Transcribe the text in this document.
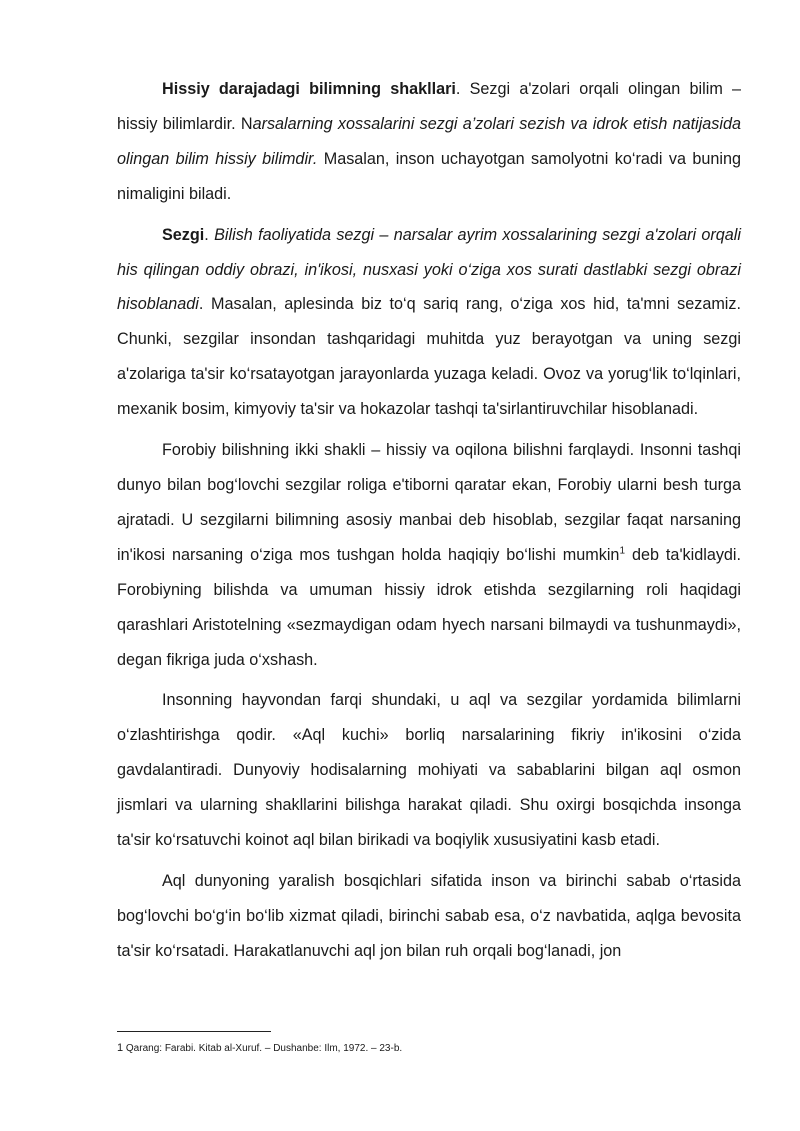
Hissiy darajadagi bilimning shakllari. Sezgi a'zolari orqali olingan bilim – hissiy bilimlardir. Narsalarning xossalarini sezgi a’zolari sezish va idrok etish natijasida olingan bilim hissiy bilimdir. Masalan, inson uchayotgan samolyotni ko‘radi va buning nimaligini biladi.

Sezgi. Bilish faoliyatida sezgi – narsalar ayrim xossalarining sezgi a'zolari orqali his qilingan oddiy obrazi, in'ikosi, nusxasi yoki o‘ziga xos surati dastlabki sezgi obrazi hisoblanadi. Masalan, aplesinda biz to‘q sariq rang, o‘ziga xos hid, ta'mni sezamiz. Chunki, sezgilar insondan tashqaridagi muhitda yuz berayotgan va uning sezgi a'zolariga ta'sir ko‘rsatayotgan jarayonlarda yuzaga keladi. Ovoz va yorug‘lik to‘lqinlari, mexanik bosim, kimyoviy ta'sir va hokazolar tashqi ta'sirlantiruvchilar hisoblanadi.

Forobiy bilishning ikki shakli – hissiy va oqilona bilishni farqlaydi. Insonni tashqi dunyo bilan bog‘lovchi sezgilar roliga e'tiborni qaratar ekan, Forobiy ularni besh turga ajratadi. U sezgilarni bilimning asosiy manbai deb hisoblab, sezgilar faqat narsaning in'ikosi narsaning o‘ziga mos tushgan holda haqiqiy bo‘lishi mumkin$^1$ deb ta'kidlaydi. Forobiyning bilishda va umuman hissiy idrok etishda sezgilarning roli haqidagi qarashlari Aristotelning «sezmaydigan odam hyech narsani bilmaydi va tushunmaydi», degan fikriga juda o‘xshash.

Insonning hayvondan farqi shundaki, u aql va sezgilar yordamida bilimlarni o‘zlashtirishga qodir. «Aql kuchi» borliq narsalarining fikriy in'ikosini o‘zida gavdalantiradi. Dunyoviy hodisalarning mohiyati va sabablarini bilgan aql osmon jismlari va ularning shakllarini bilishga harakat qiladi. Shu oxirgi bosqichda insonga ta'sir ko‘rsatuvchi koinot aql bilan birikadi va boqiylik xususiyatini kasb etadi.

Aql dunyoning yaralish bosqichlari sifatida inson va birinchi sabab o‘rtasida bog‘lovchi bo‘g‘in bo‘lib xizmat qiladi, birinchi sabab esa, o‘z navbatida, aqlga bevosita ta'sir ko‘rsatadi. Harakatlanuvchi aql jon bilan ruh orqali bog‘lanadi, jon

1 Qarang: Farabi. Kitab al-Xuruf. – Dushanbe: Ilm, 1972. – 23-b.
